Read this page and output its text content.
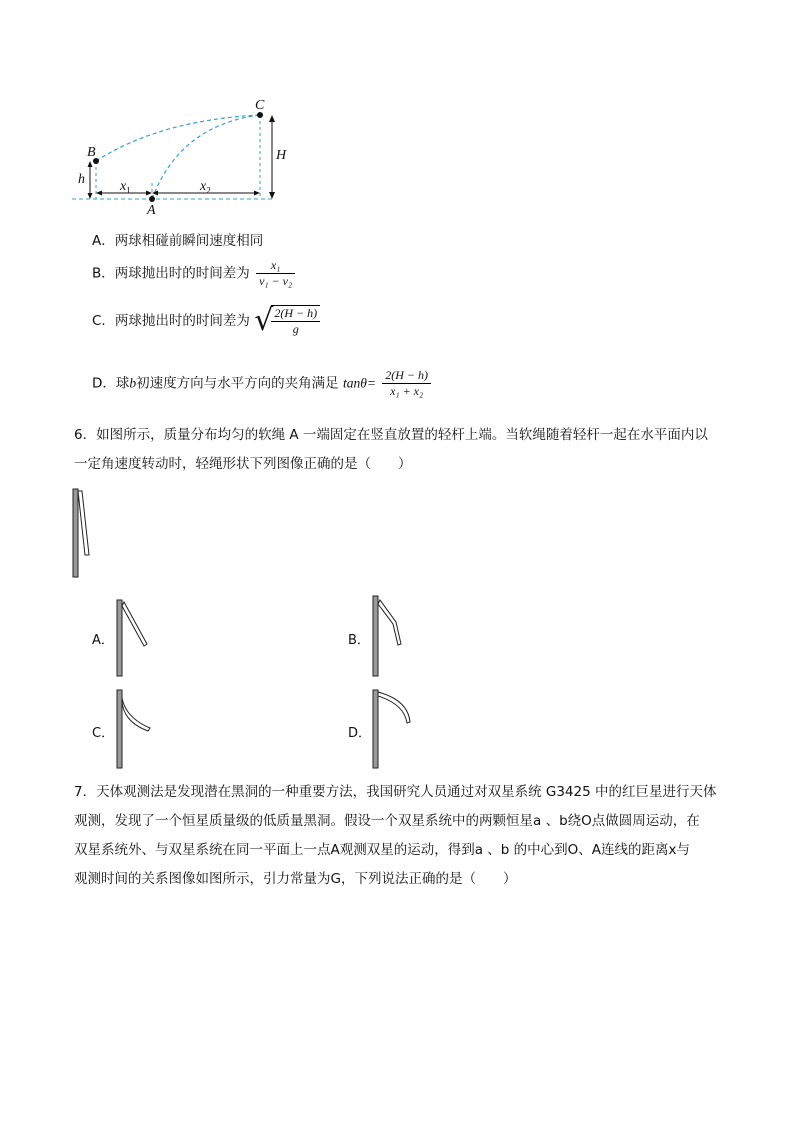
C
B
A
H
h	$x_1$	$x_2$
A．两球相碰前瞬间速度相同
B．两球抛出时的时间差为 $\frac{\text{x₁}}{\text{v₁ − v₂}}$
C．两球抛出时的时间差为 √
$\frac{2(H - h)}{g}$
D．球b初速度方向与水平方向的夹角满足 $\tan\theta= \frac{2(H - h)}{\text{x₁ + x₂}}$
6．如图所示，质量分布均匀的软绳 A 一端固定在竖直放置的轻杆上端。当软绳随着轻杆一起在水平面内以
一定角速度转动时，轻绳形状下列图像正确的是（　　）
A．	B．
C．	D．
7．天体观测法是发现潜在黑洞的一种重要方法，我国研究人员通过对双星系统 G3425 中的红巨星进行天体
观测，发现了一个恒星质量级的低质量黑洞。假设一个双星系统中的两颗恒星a 、b绕O点做圆周运动，在
双星系统外、与双星系统在同一平面上一点A观测双星的运动，得到a 、b 的中心到O、A连线的距离x与
观测时间的关系图像如图所示，引力常量为G，下列说法正确的是（　　）
